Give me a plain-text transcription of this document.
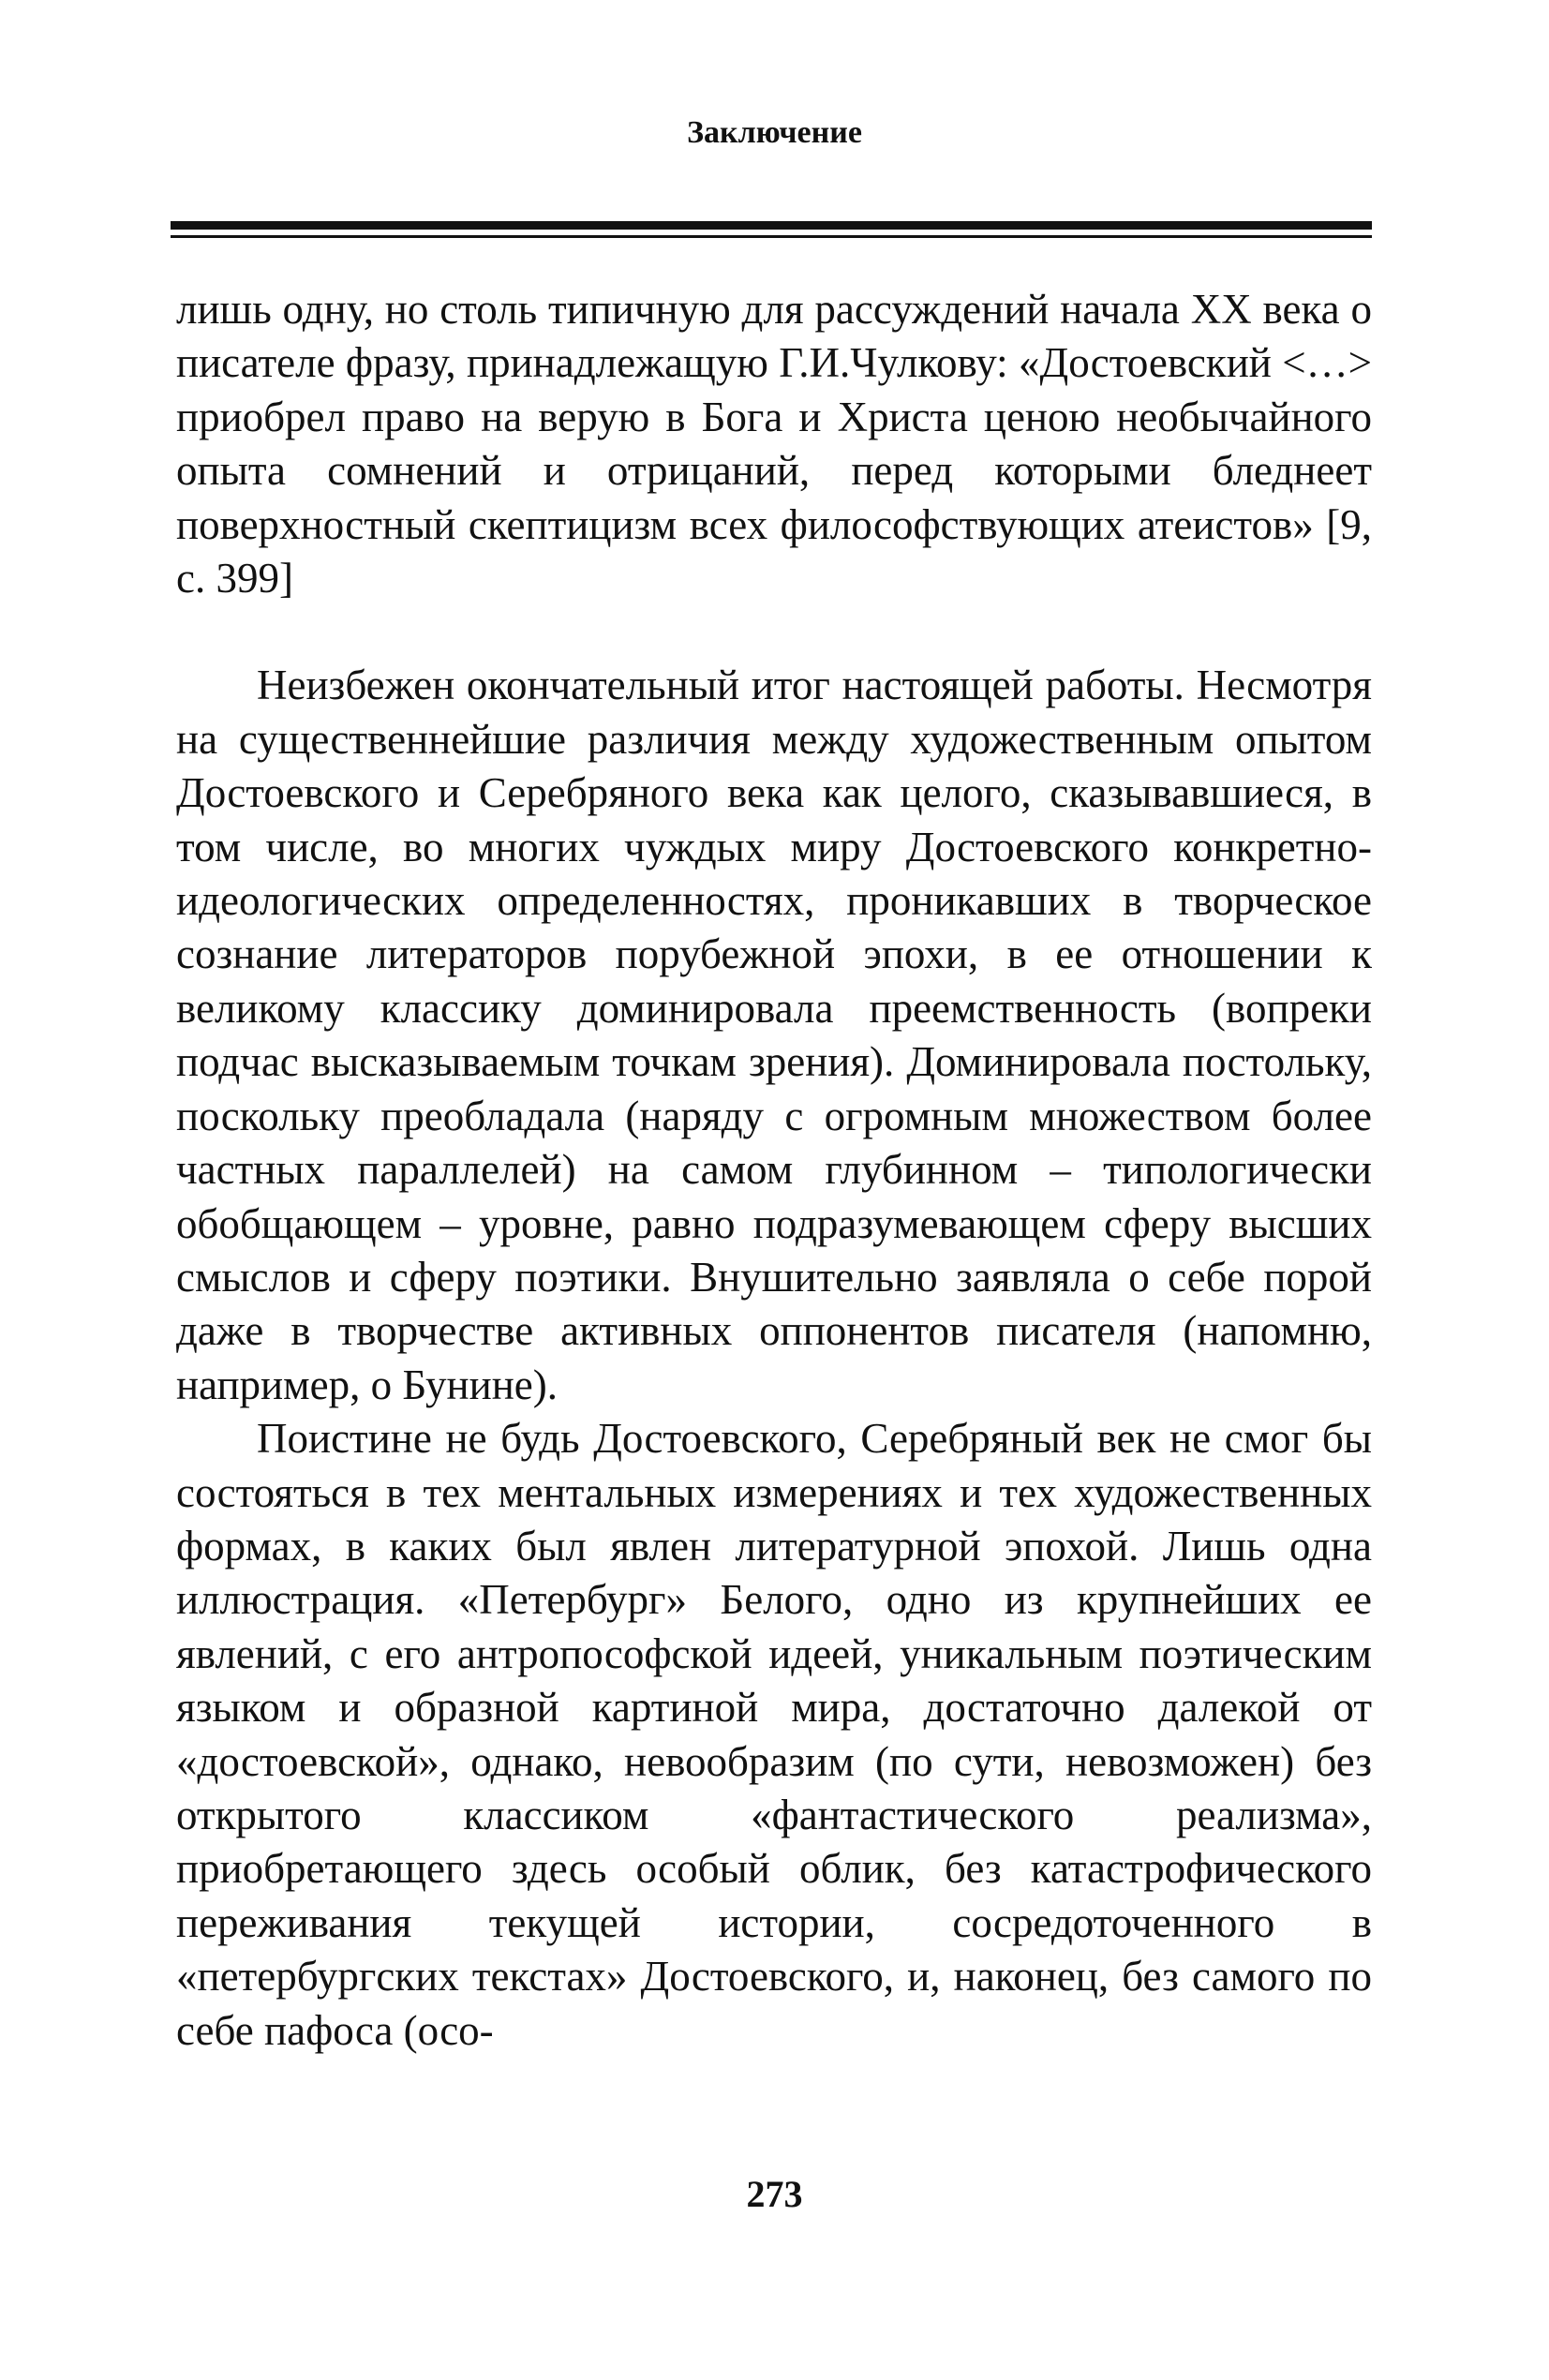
Заключение

лишь одну, но столь типичную для рассуждений начала XX века о писателе фразу, принадлежащую Г.И.Чулкову: «Достоевский <…> приобрел право на верую в Бога и Христа ценою необычайного опыта сомнений и отрицаний, перед которыми бледнеет поверхностный скептицизм всех философствующих атеистов» [9, с. 399]

Неизбежен окончательный итог настоящей работы. Несмотря на существеннейшие различия между художественным опытом Достоевского и Серебряного века как целого, сказывавшиеся, в том числе, во многих чуждых миру Достоевского конкретно-идеологических определенностях, проникавших в творческое сознание литераторов порубежной эпохи, в ее отношении к великому классику доминировала преемственность (вопреки подчас высказываемым точкам зрения). Доминировала постольку, поскольку преобладала (наряду с огромным множеством более частных параллелей) на самом глубинном – типологически обобщающем – уровне, равно подразумевающем сферу высших смыслов и сферу поэтики. Внушительно заявляла о себе порой даже в творчестве активных оппонентов писателя (напомню, например, о Бунине).

Поистине не будь Достоевского, Серебряный век не смог бы состояться в тех ментальных измерениях и тех художественных формах, в каких был явлен литературной эпохой. Лишь одна иллюстрация. «Петербург» Белого, одно из крупнейших ее явлений, с его антропософской идеей, уникальным поэтическим языком и образной картиной мира, достаточно далекой от «достоевской», однако, невообразим (по сути, невозможен) без открытого классиком «фантастического реализма», приобретающего здесь особый облик, без катастрофического переживания текущей истории, сосредоточенного в «петербургских текстах» Достоевского, и, наконец, без самого по себе пафоса (осо-

273
